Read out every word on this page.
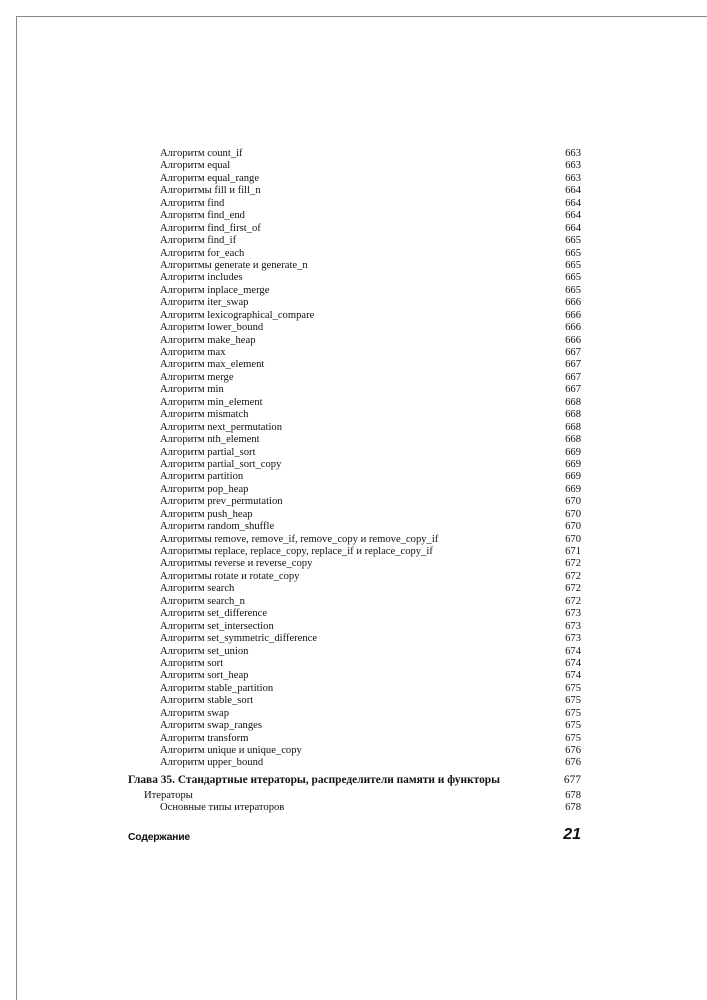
Алгоритм count_if	663
Алгоритм equal	663
Алгоритм equal_range	663
Алгоритмы fill и fill_n	664
Алгоритм find	664
Алгоритм find_end	664
Алгоритм find_first_of	664
Алгоритм find_if	665
Алгоритм for_each	665
Алгоритмы generate и generate_n	665
Алгоритм includes	665
Алгоритм inplace_merge	665
Алгоритм iter_swap	666
Алгоритм lexicographical_compare	666
Алгоритм lower_bound	666
Алгоритм make_heap	666
Алгоритм max	667
Алгоритм max_element	667
Алгоритм merge	667
Алгоритм min	667
Алгоритм min_element	668
Алгоритм mismatch	668
Алгоритм next_permutation	668
Алгоритм nth_element	668
Алгоритм partial_sort	669
Алгоритм partial_sort_copy	669
Алгоритм partition	669
Алгоритм pop_heap	669
Алгоритм prev_permutation	670
Алгоритм push_heap	670
Алгоритм random_shuffle	670
Алгоритмы remove, remove_if, remove_copy и remove_copy_if	670
Алгоритмы replace, replace_copy, replace_if и replace_copy_if	671
Алгоритмы reverse и reverse_copy	672
Алгоритмы rotate и rotate_copy	672
Алгоритм search	672
Алгоритм search_n	672
Алгоритм set_difference	673
Алгоритм set_intersection	673
Алгоритм set_symmetric_difference	673
Алгоритм set_union	674
Алгоритм sort	674
Алгоритм sort_heap	674
Алгоритм stable_partition	675
Алгоритм stable_sort	675
Алгоритм swap	675
Алгоритм swap_ranges	675
Алгоритм transform	675
Алгоритм unique и unique_copy	676
Алгоритм upper_bound	676
Глава 35. Стандартные итераторы, распределители памяти и функторы	677
Итераторы	678
Основные типы итераторов	678
Содержание	21
